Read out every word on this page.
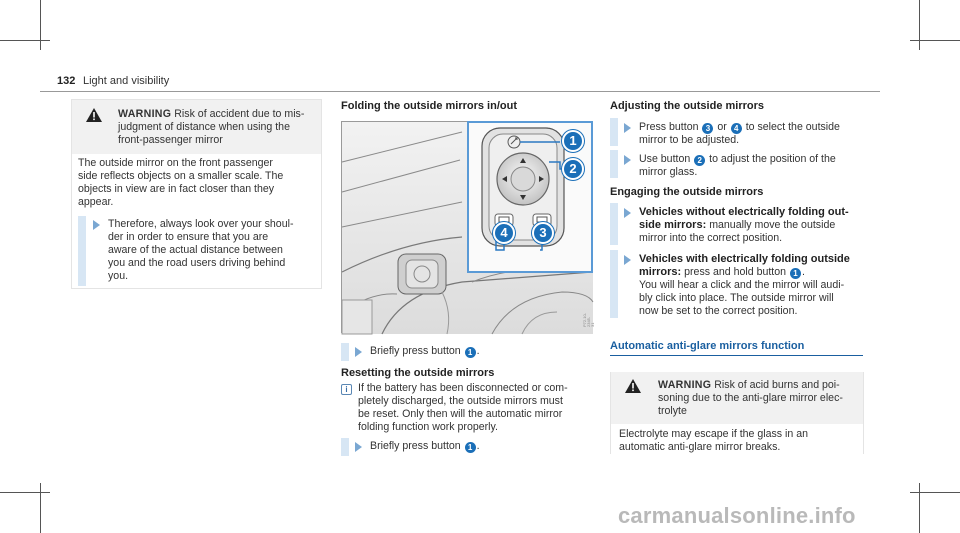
132 Light and visibility
WARNING Risk of accident due to mis-
judgment of distance when using the
front-passenger mirror
The outside mirror on the front passenger
side reflects objects on a smaller scale. The
objects in view are in fact closer than they
appear.
Therefore, always look over your shoul-
der in order to ensure that you are
aware of the actual distance between
you and the road users driving behind
you.
Folding the outside mirrors in/out
1
2
4	3
P72.10-2345-31
Briefly press button 1 .
Resetting the outside mirrors
i If the battery has been disconnected or com-
pletely discharged, the outside mirrors must
be reset. Only then will the automatic mirror
folding function work properly.
Briefly press button 1 .
Adjusting the outside mirrors
Press button 3 or 4 to select the outside
mirror to be adjusted.
Use button 2 to adjust the position of the
mirror glass.
Engaging the outside mirrors
Vehicles without electrically folding out-
side mirrors: manually move the outside
mirror into the correct position.
Vehicles with electrically folding outside
mirrors: press and hold button 1 .
You will hear a click and the mirror will audi-
bly click into place. The outside mirror will
now be set to the correct position.
Automatic anti-glare mirrors function
WARNING Risk of acid burns and poi-
soning due to the anti-glare mirror elec-
trolyte
Electrolyte may escape if the glass in an
automatic anti-glare mirror breaks.
carmanualsonline.info
